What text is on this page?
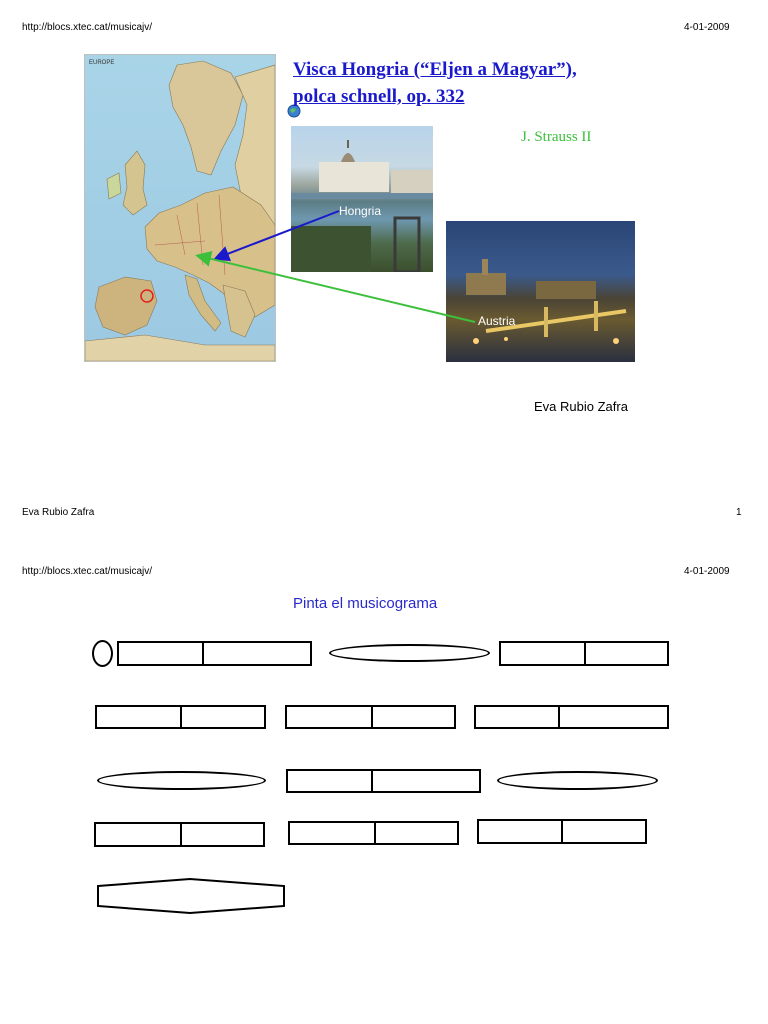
http://blocs.xtec.cat/musicajv/	4-01-2009
EUROPE	Visca Hongria (“Eljen a Magyar”),
polca schnell, op. 332
J. Strauss II
Hongria
Austria
Eva Rubio Zafra
Eva Rubio Zafra	1
http://blocs.xtec.cat/musicajv/	4-01-2009
Pinta el musicograma
